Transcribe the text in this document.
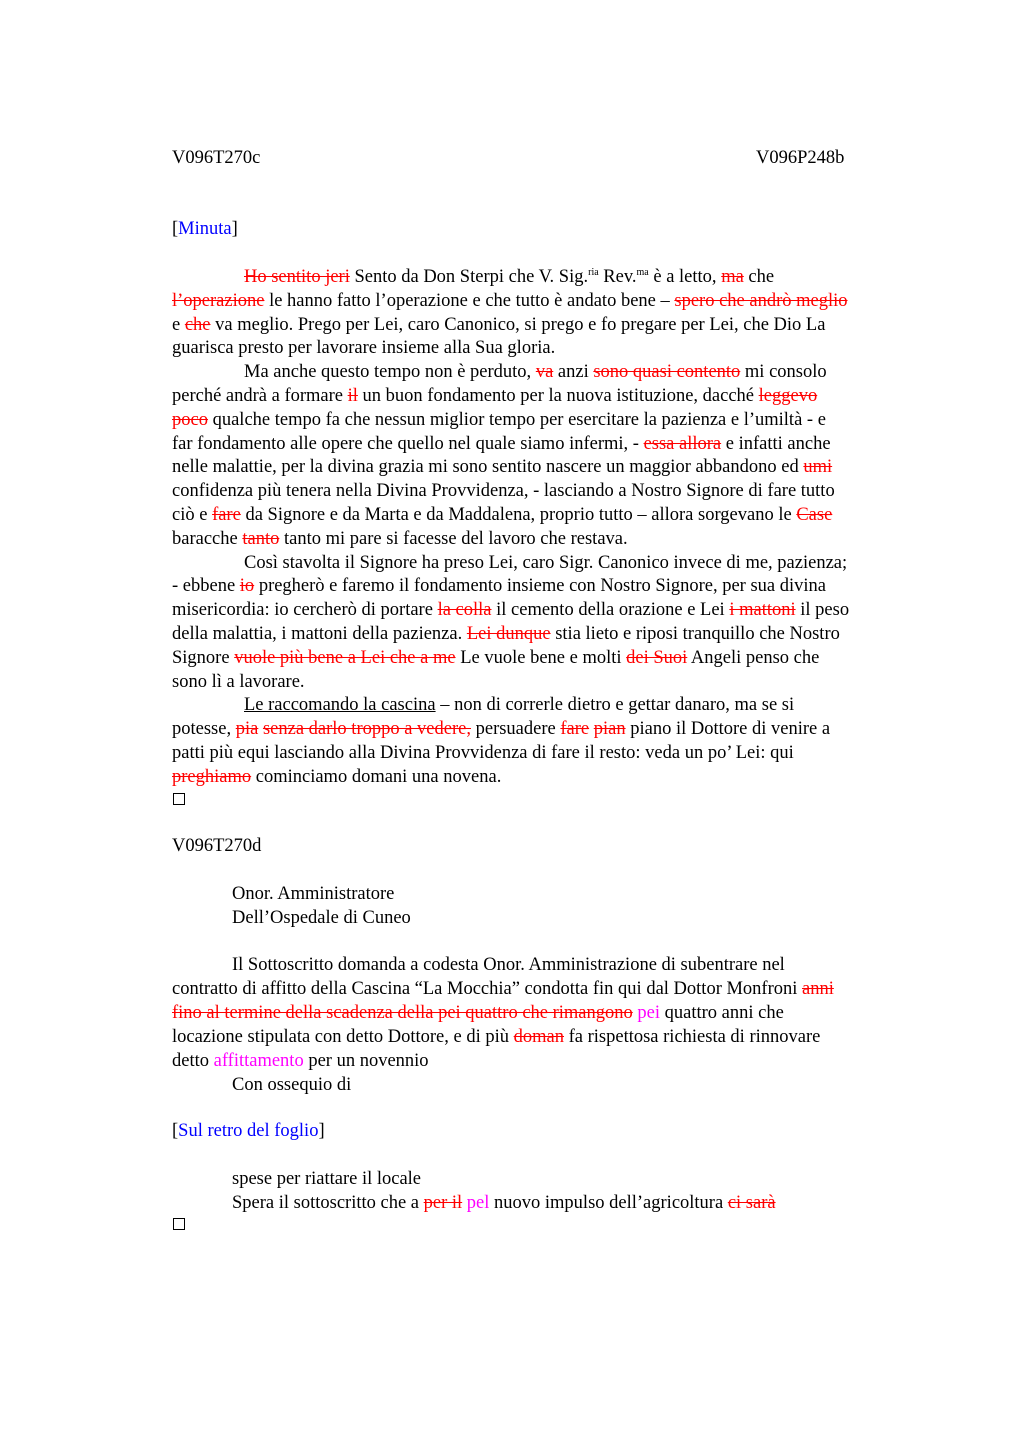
V096T270c	V096P248b
[Minuta]
Ho sentito jeri Sento da Don Sterpi che V. Sig.$^{ria}$ Rev.$^{ma}$ è a letto, ma che
l’operazione le hanno fatto l’operazione e che tutto è andato bene – spero che andrò meglio
e che va meglio. Prego per Lei, caro Canonico, si prego e fo pregare per Lei, che Dio La
guarisca presto per lavorare insieme alla Sua gloria.
Ma anche questo tempo non è perduto, va anzi sono quasi contento mi consolo
perché andrà a formare il un buon fondamento per la nuova istituzione, dacché leggevo
poco qualche tempo fa che nessun miglior tempo per esercitare la pazienza e l’umiltà - e
far fondamento alle opere che quello nel quale siamo infermi, - essa allora e infatti anche
nelle malattie, per la divina grazia mi sono sentito nascere un maggior abbandono ed umi
confidenza più tenera nella Divina Provvidenza, - lasciando a Nostro Signore di fare tutto
ciò e fare da Signore e da Marta e da Maddalena, proprio tutto – allora sorgevano le Case
baracche tanto tanto mi pare si facesse del lavoro che restava.
Così stavolta il Signore ha preso Lei, caro Sigr. Canonico invece di me, pazienza;
- ebbene io pregherò e faremo il fondamento insieme con Nostro Signore, per sua divina
misericordia: io cercherò di portare la colla il cemento della orazione e Lei i mattoni il peso
della malattia, i mattoni della pazienza. Lei dunque stia lieto e riposi tranquillo che Nostro
Signore vuole più bene a Lei che a me Le vuole bene e molti dei Suoi Angeli penso che
sono lì a lavorare.
Le raccomando la cascina – non di correrle dietro e gettar danaro, ma se si
potesse, pia senza darlo troppo a vedere, persuadere fare pian piano il Dottore di venire a
patti più equi lasciando alla Divina Provvidenza di fare il resto: veda un po’ Lei: qui
preghiamo cominciamo domani una novena.
V096T270d
Onor. Amministratore
Dell’Ospedale di Cuneo
Il Sottoscritto domanda a codesta Onor. Amministrazione di subentrare nel
contratto di affitto della Cascina “La Mocchia” condotta fin qui dal Dottor Monfroni anni
fino al termine della scadenza della pei quattro che rimangono pei quattro anni che
locazione stipulata con detto Dottore, e di più doman fa rispettosa richiesta di rinnovare
detto affittamento per un novennio
Con ossequio di
[Sul retro del foglio]
spese per riattare il locale
Spera il sottoscritto che a per il pel nuovo impulso dell’agricoltura ci sarà
